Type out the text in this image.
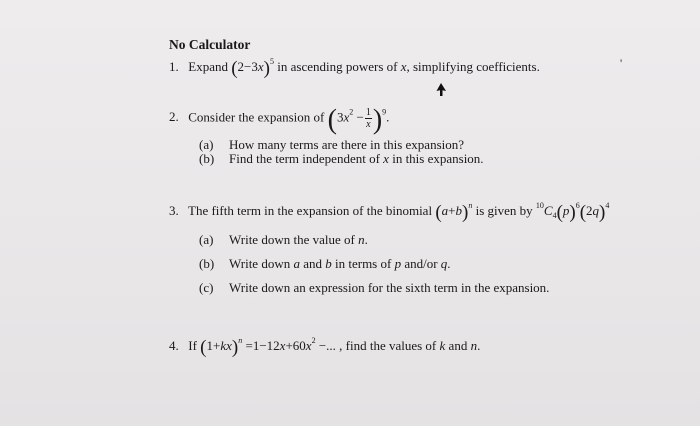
No Calculator
1. Expand $(2-3x)^5$ in ascending powers of x, simplifying coefficients.
2. Consider the expansion of $(3x^2 - \frac{1}{x} )^9$.
(a) How many terms are there in this expansion?
(b) Find the term independent of x in this expansion.
3. The fifth term in the expansion of the binomial $(a+b)^n$ is given by $^{10}C_4(p)^6(2q)^4$
(a) Write down the value of n.
(b) Write down a and b in terms of p and/or q.
(c) Write down an expression for the sixth term in the expansion.
4. If $(1+kx)^n =1-12x+60x^2$ −... , find the values of k and n.
'
